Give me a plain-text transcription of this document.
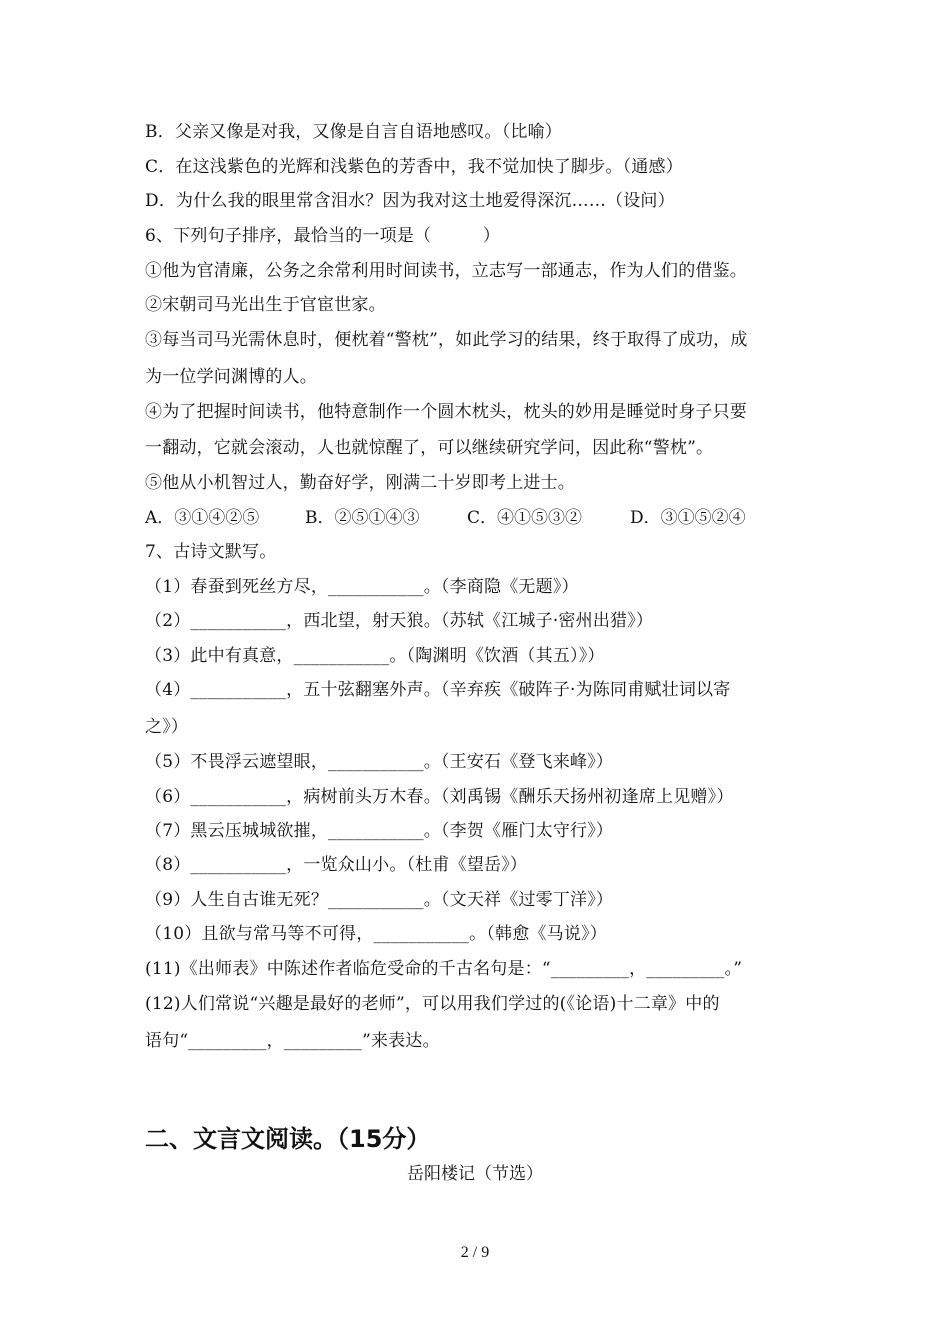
B．父亲又像是对我，又像是自言自语地感叹。（比喻）
C．在这浅紫色的光辉和浅紫色的芳香中，我不觉加快了脚步。（通感）
D．为什么我的眼里常含泪水？因为我对这土地爱得深沉……（设问）
6、下列句子排序，最恰当的一项是（　　　）
①他为官清廉，公务之余常利用时间读书，立志写一部通志，作为人们的借鉴。
②宋朝司马光出生于官宦世家。
③每当司马光需休息时，便枕着“警枕”，如此学习的结果，终于取得了成功，成
为一位学问渊博的人。
④为了把握时间读书，他特意制作一个圆木枕头，枕头的妙用是睡觉时身子只要
一翻动，它就会滚动，人也就惊醒了，可以继续研究学问，因此称“警枕”。
⑤他从小机智过人，勤奋好学，刚满二十岁即考上进士。
A．③①④②⑤	B．②⑤①④③	C．④①⑤③②	D．③①⑤②④
7、古诗文默写。
（1）春蚕到死丝方尽，___________。（李商隐《无题》）
（2）___________，西北望，射天狼。（苏轼《江城子·密州出猎》）
（3）此中有真意，___________。（陶渊明《饮酒（其五）》）
（4）___________，五十弦翻塞外声。（辛弃疾《破阵子·为陈同甫赋壮词以寄
之》）
（5）不畏浮云遮望眼，___________。（王安石《登飞来峰》）
（6）___________，病树前头万木春。（刘禹锡《酬乐天扬州初逢席上见赠》）
（7）黑云压城城欲摧，___________。（李贺《雁门太守行》）
（8）___________，一览众山小。（杜甫《望岳》）
（9）人生自古谁无死？___________。（文天祥《过零丁洋》）
（10）且欲与常马等不可得，___________。（韩愈《马说》）
(11)《出师表》中陈述作者临危受命的千古名句是：“_________，_________。”
(12)人们常说“兴趣是最好的老师”，可以用我们学过的(《论语)十二章》中的
语句“_________，_________”来表达。
二、文言文阅读。（15分）
岳阳楼记（节选）
2 / 9
